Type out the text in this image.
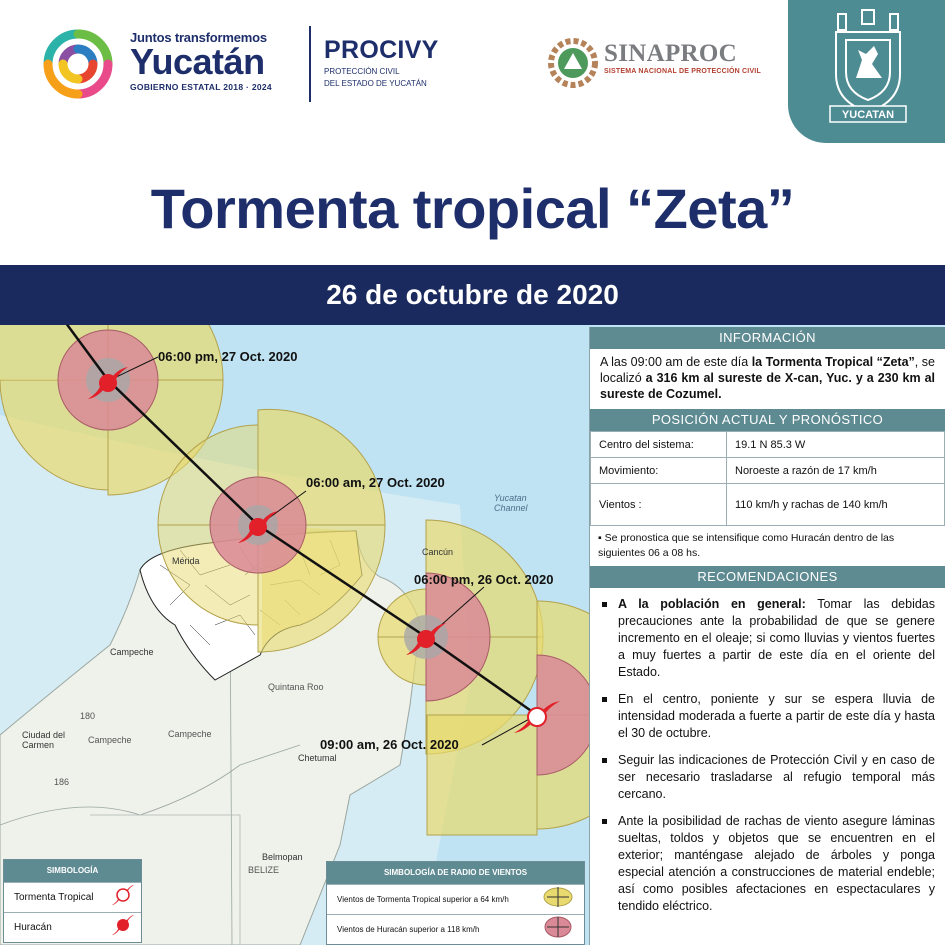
Juntos transformemos
Yucatán
GOBIERNO ESTATAL 2018 · 2024
PROCIVY
PROTECCIÓN CIVIL
DEL ESTADO DE YUCATÁN
SINAPROC
SISTEMA NACIONAL DE PROTECCIÓN CIVIL
YUCATAN
Tormenta tropical “Zeta”
26 de octubre de 2020
06:00 pm, 27 Oct. 2020
06:00 am, 27 Oct. 2020
06:00 pm, 26 Oct. 2020
09:00 am, 26 Oct. 2020
Campeche
Campeche
Campeche
Ciudad del
Carmen
Quintana Roo
Chetumal
Belmopan
BELIZE
Cancún
Mérida
Yucatan
Channel
180
186
SIMBOLOGÍA
Tormenta Tropical
Huracán
SIMBOLOGÍA DE RADIO DE VIENTOS
Vientos de Tormenta Tropical superior a 64 km/h
Vientos de Huracán superior a 118 km/h
INFORMACIÓN
A las 09:00 am de este día la Tormenta Tropical “Zeta”, se localizó a 316 km al sureste de X-can, Yuc. y a 230 km al sureste de Cozumel.
POSICIÓN ACTUAL Y PRONÓSTICO
Centro del sistema:	19.1 N 85.3 W
Movimiento:	Noroeste a razón de 17 km/h
Vientos :	110 km/h y rachas de 140 km/h
▪ Se pronostica que se intensifique como Huracán dentro de las siguientes 06 a 08 hs.
RECOMENDACIONES
A la población en general: Tomar las debidas precauciones ante la probabilidad de que se genere incremento en el oleaje; si como lluvias y vientos fuertes a muy fuertes a partir de este día en el oriente del Estado.
En el centro, poniente y sur se espera lluvia de intensidad moderada a fuerte a partir de este día y hasta el 30 de octubre.
Seguir las indicaciones de Protección Civil y en caso de ser necesario trasladarse al refugio temporal más cercano.
Ante la posibilidad de rachas de viento asegure láminas sueltas, toldos y objetos que se encuentren en el exterior; manténgase alejado de árboles y ponga especial atención a construcciones de material endeble; así como posibles afectaciones en espectaculares y tendido eléctrico.
